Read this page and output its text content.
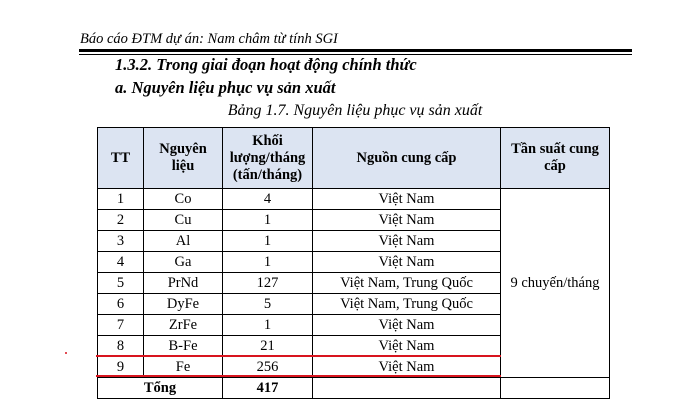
Báo cáo ĐTM dự án: Nam châm từ tính SGI
1.3.2. Trong giai đoạn hoạt động chính thức
a. Nguyên liệu phục vụ sản xuất
Bảng 1.7. Nguyên liệu phục vụ sản xuất
TT	Nguyên liệu	Khối lượng/tháng (tấn/tháng)	Nguồn cung cấp	Tần suất cung cấp
1	Co	4	Việt Nam	9 chuyến/tháng
2	Cu	1	Việt Nam	
3	Al	1	Việt Nam	
4	Ga	1	Việt Nam	
5	PrNd	127	Việt Nam, Trung Quốc	
6	DyFe	5	Việt Nam, Trung Quốc	
7	ZrFe	1	Việt Nam	
8	B-Fe	21	Việt Nam	
9	Fe	256	Việt Nam	
Tổng		417		
